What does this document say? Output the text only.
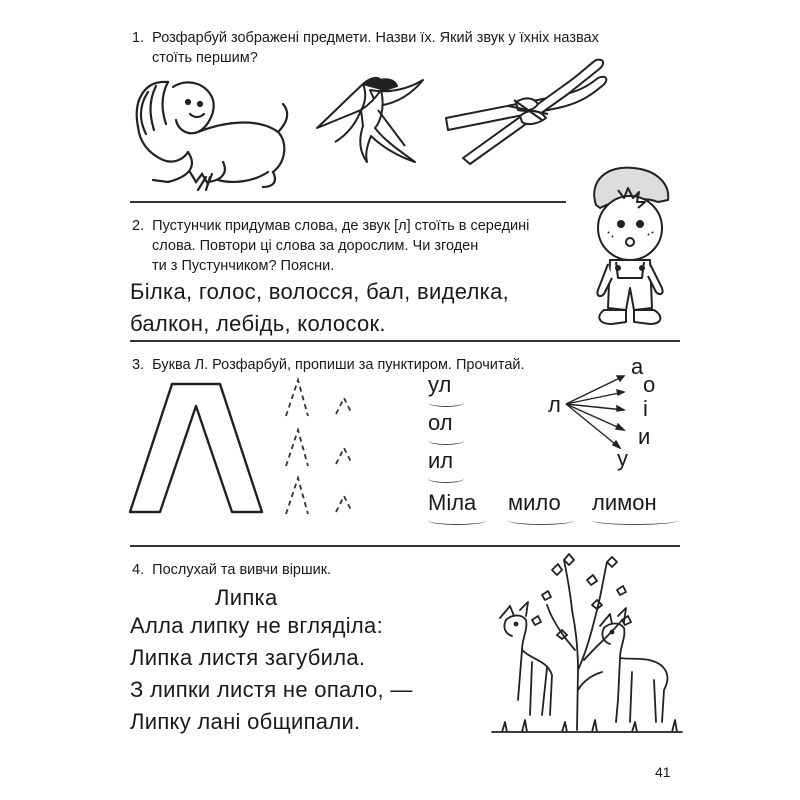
1. Розфарбуй зображені предмети. Назви їх. Який звук у їхніх назвах
стоїть першим?
2. Пустунчик придумав слова, де звук [л] стоїть в середині
слова. Повтори ці слова за дорослим. Чи згоден
ти з Пустунчиком? Поясни.
Білка, голос, волосся, бал, виделка,
балкон, лебідь, колосок.
3. Буква Л. Розфарбуй, пропиши за пунктиром. Прочитай.
ул
ол
ил
л
а
о
і
и
у
Міла мило лимон
4. Послухай та вивчи віршик.
Липка
Алла липку не вгляділа:
Липка листя загубила.
З липки листя не опало, —
Липку лані общипали.
41
